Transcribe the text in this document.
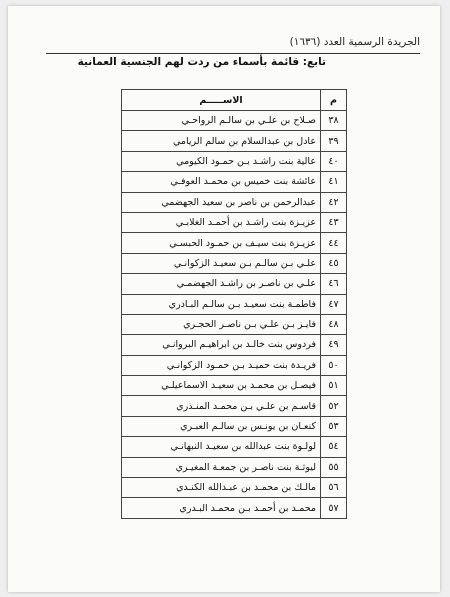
الجريدة الرسمية العدد (١٦٣٦)
تابع: قائمة بأسماء من ردت لهم الجنسية العمانية
م	الاســـــم
٣٨	صـلاح بن علـي بن سالـم الرواحـي
٣٩	عادل بن عبدالسلام بن سالم الريامي
٤٠	عالية بنت راشـد بـن حمـود الكيومي
٤١	عائشة بنت خميس بن محمـد العوفـي
٤٢	عبدالرحمن بن ناصر بن سعيد الجهضمي
٤٣	عزيـزة بنت راشـد بن أحمـد الغلابـي
٤٤	عزيـزة بنت سيـف بن حمـود الحبسـي
٤٥	علـي بـن سالـم بـن سعيـد الزكوانـي
٤٦	علـي بن ناصـر بن راشـد الجهضمـي
٤٧	فاطمـة بنت سعيـد بـن سالـم البـادري
٤٨	فايـز بـن علـي بـن ناصـر الحجـري
٤٩	فردوس بنت خالـد بن ابراهيـم البروانـي
٥٠	فريـدة بنت حميـد بـن حمـود الزكوانـي
٥١	فيصـل بن محمـد بن سعيـد الاسماعيلـي
٥٢	قاسـم بن علـي بـن محمـد المنـذري
٥٣	كنعـان بن يونـس بن سالـم العبـري
٥٤	لولـوة بنت عبدالله بن سعيـد النبهانـي
٥٥	ليوثـة بنت ناصـر بن جمعـة المغيـري
٥٦	مالـك بن محمـد بن عبـدالله الكنـدي
٥٧	محمـد بن أحمـد بـن محمـد البـدري
